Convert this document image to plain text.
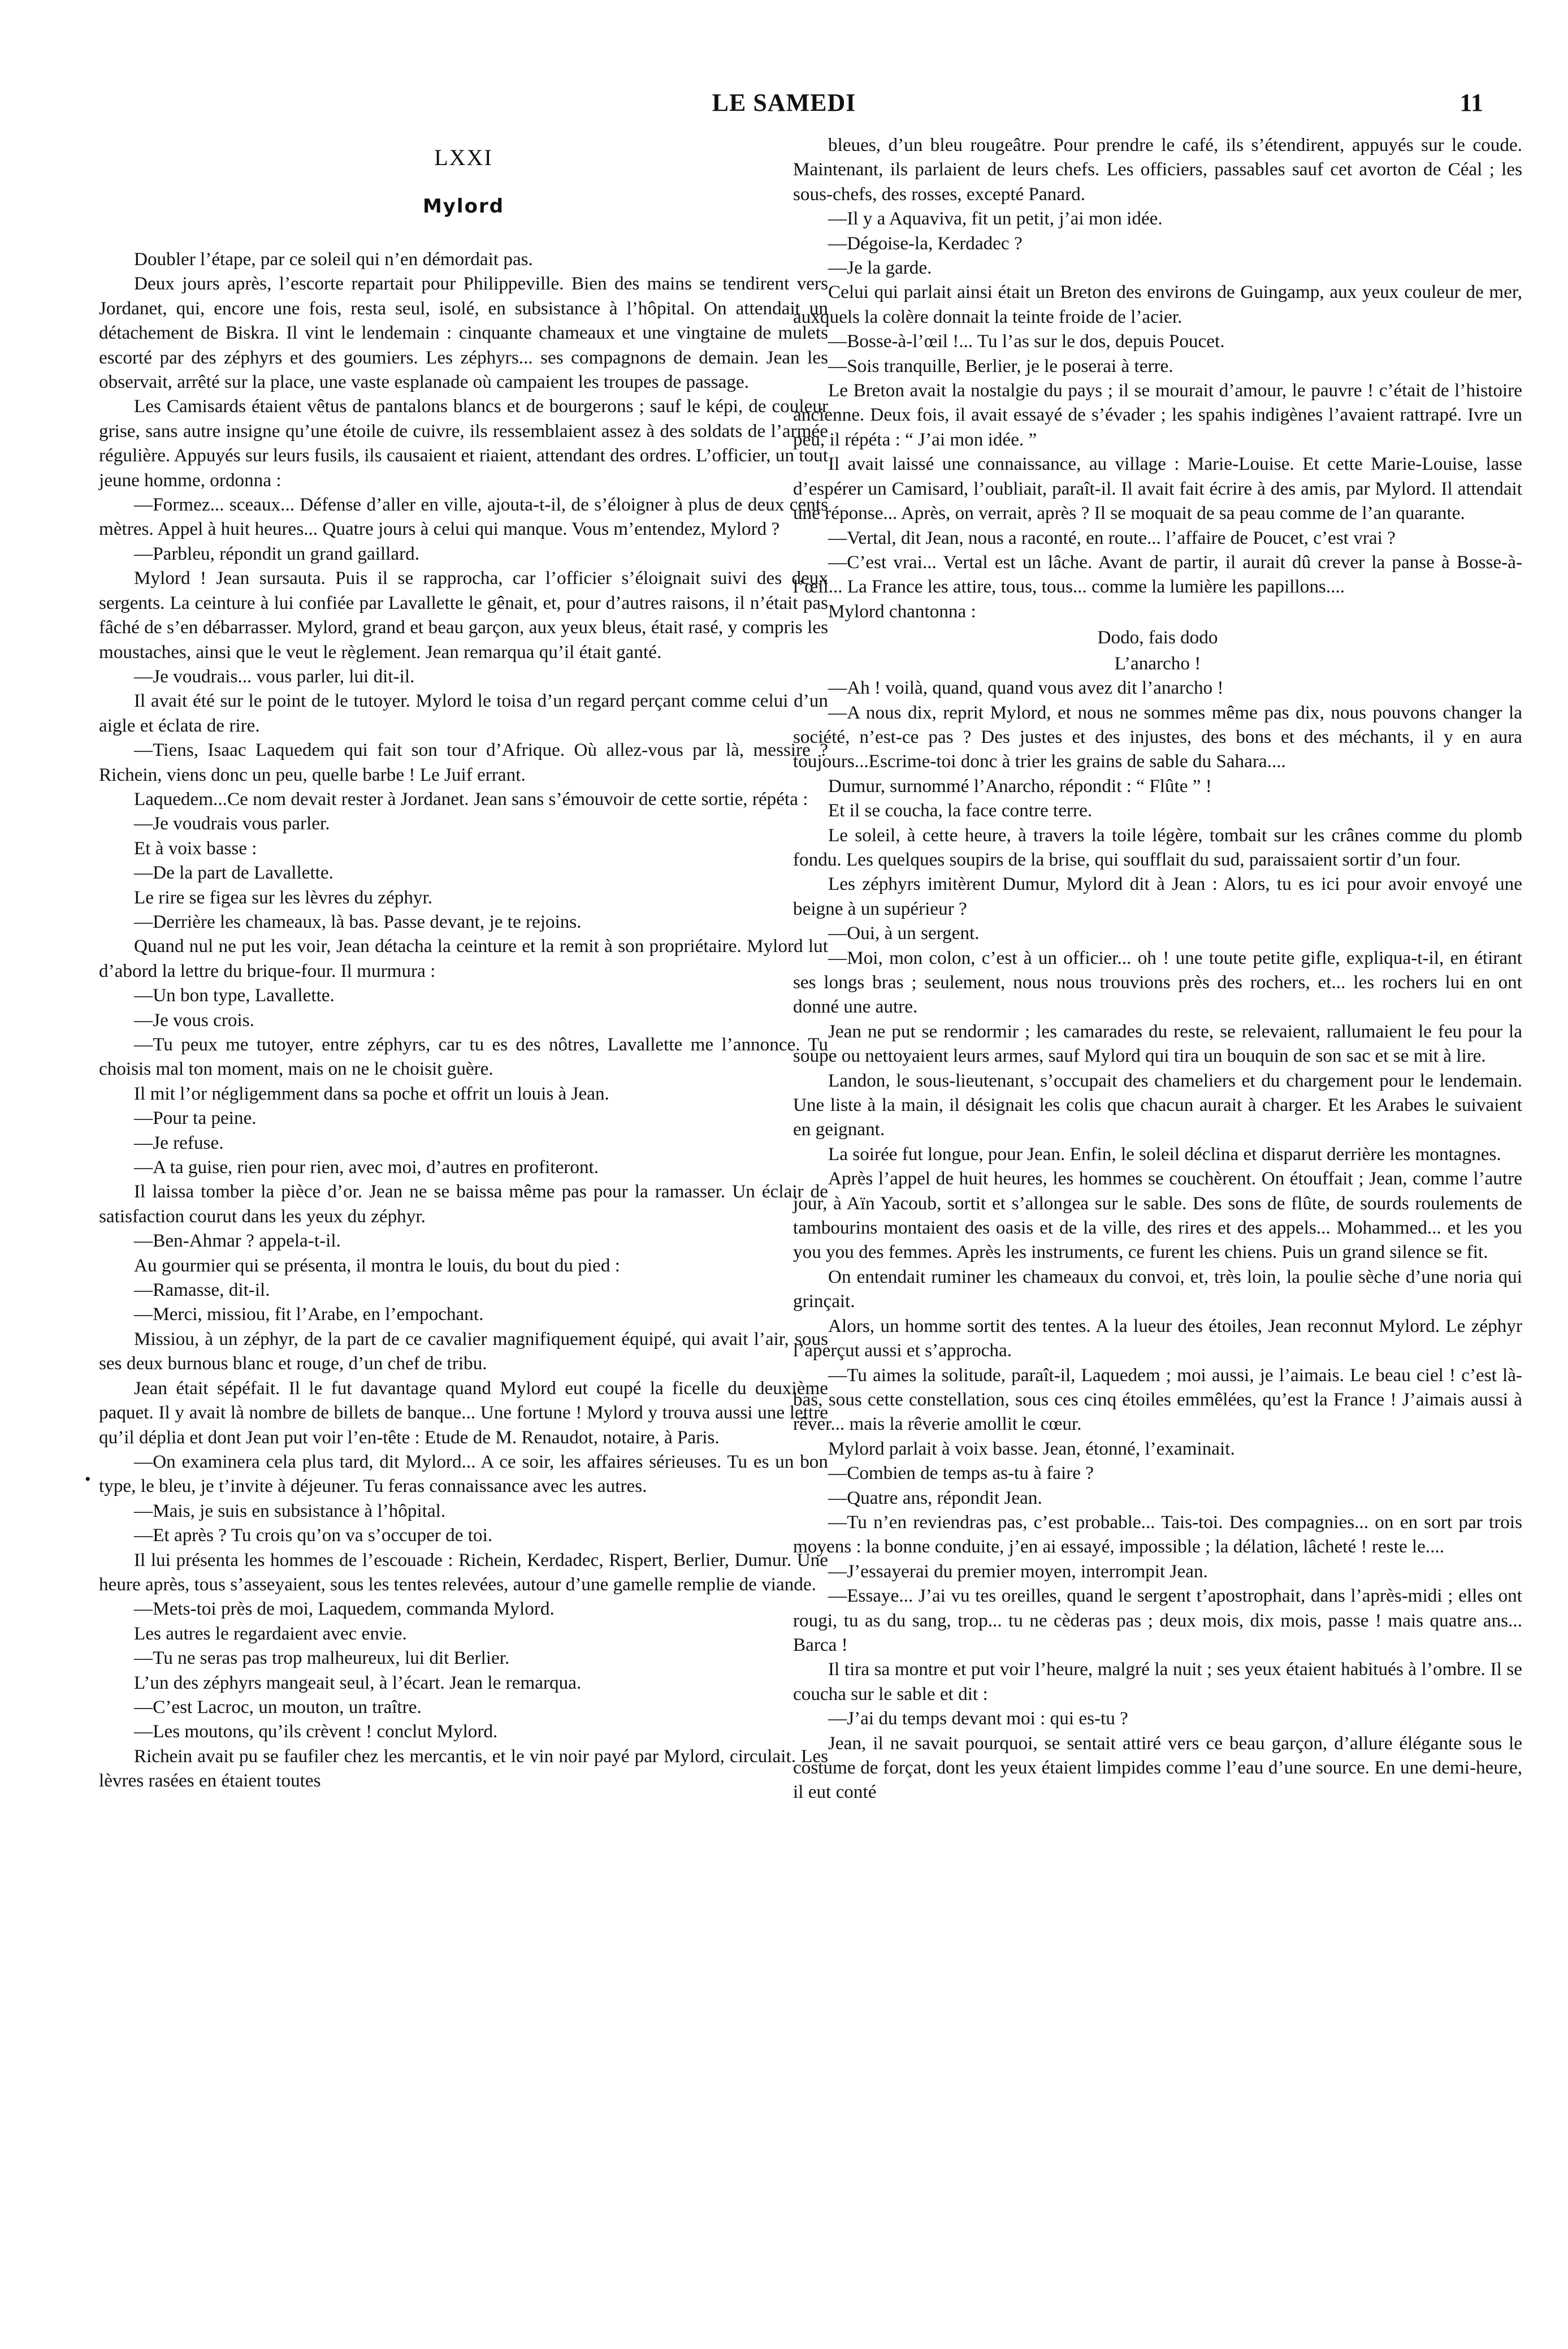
LE SAMEDI	11
LXXI
Mylord

Doubler l’étape, par ce soleil qui n’en démordait pas.

Deux jours après, l’escorte repartait pour Philippeville. Bien des mains se tendirent vers Jordanet, qui, encore une fois, resta seul, isolé, en subsistance à l’hôpital. On attendait un détachement de Biskra. Il vint le lendemain : cinquante chameaux et une vingtaine de mulets escorté par des zéphyrs et des goumiers. Les zéphyrs... ses compagnons de demain. Jean les observait, arrêté sur la place, une vaste esplanade où campaient les troupes de passage.

Les Camisards étaient vêtus de pantalons blancs et de bourgerons ; sauf le képi, de couleur grise, sans autre insigne qu’une étoile de cuivre, ils ressemblaient assez à des soldats de l’armée régulière. Appuyés sur leurs fusils, ils causaient et riaient, attendant des ordres. L’officier, un tout jeune homme, ordonna :

—Formez... sceaux... Défense d’aller en ville, ajouta-t-il, de s’éloigner à plus de deux cents mètres. Appel à huit heures... Quatre jours à celui qui manque. Vous m’entendez, Mylord ?

—Parbleu, répondit un grand gaillard.

Mylord ! Jean sursauta. Puis il se rapprocha, car l’officier s’éloignait suivi des deux sergents. La ceinture à lui confiée par Lavallette le gênait, et, pour d’autres raisons, il n’était pas fâché de s’en débarrasser. Mylord, grand et beau garçon, aux yeux bleus, était rasé, y compris les moustaches, ainsi que le veut le règlement. Jean remarqua qu’il était ganté.

—Je voudrais... vous parler, lui dit-il.

Il avait été sur le point de le tutoyer. Mylord le toisa d’un regard perçant comme celui d’un aigle et éclata de rire.

—Tiens, Isaac Laquedem qui fait son tour d’Afrique. Où allez-vous par là, messire ? Richein, viens donc un peu, quelle barbe ! Le Juif errant.

Laquedem...Ce nom devait rester à Jordanet. Jean sans s’émouvoir de cette sortie, répéta :

—Je voudrais vous parler.

Et à voix basse :

—De la part de Lavallette.

Le rire se figea sur les lèvres du zéphyr.

—Derrière les chameaux, là bas. Passe devant, je te rejoins.

Quand nul ne put les voir, Jean détacha la ceinture et la remit à son propriétaire. Mylord lut d’abord la lettre du brique-four. Il murmura :

—Un bon type, Lavallette.

—Je vous crois.

—Tu peux me tutoyer, entre zéphyrs, car tu es des nôtres, Lavallette me l’annonce. Tu choisis mal ton moment, mais on ne le choisit guère.

Il mit l’or négligemment dans sa poche et offrit un louis à Jean.

—Pour ta peine.

—Je refuse.

—A ta guise, rien pour rien, avec moi, d’autres en profiteront.

Il laissa tomber la pièce d’or. Jean ne se baissa même pas pour la ramasser. Un éclair de satisfaction courut dans les yeux du zéphyr.

—Ben-Ahmar ? appela-t-il.

Au gourmier qui se présenta, il montra le louis, du bout du pied :

—Ramasse, dit-il.

—Merci, missiou, fit l’Arabe, en l’empochant.

Missiou, à un zéphyr, de la part de ce cavalier magnifiquement équipé, qui avait l’air, sous ses deux burnous blanc et rouge, d’un chef de tribu.

Jean était sépéfait. Il le fut davantage quand Mylord eut coupé la ficelle du deuxième paquet. Il y avait là nombre de billets de banque... Une fortune ! Mylord y trouva aussi une lettre qu’il déplia et dont Jean put voir l’en-tête : Etude de M. Renaudot, notaire, à Paris.

—On examinera cela plus tard, dit Mylord... A ce soir, les affaires sérieuses. Tu es un bon type, le bleu, je t’invite à déjeuner. Tu feras connaissance avec les autres.

—Mais, je suis en subsistance à l’hôpital.

—Et après ? Tu crois qu’on va s’occuper de toi.

Il lui présenta les hommes de l’escouade : Richein, Kerdadec, Rispert, Berlier, Dumur. Une heure après, tous s’asseyaient, sous les tentes relevées, autour d’une gamelle remplie de viande.

—Mets-toi près de moi, Laquedem, commanda Mylord.

Les autres le regardaient avec envie.

—Tu ne seras pas trop malheureux, lui dit Berlier.

L’un des zéphyrs mangeait seul, à l’écart. Jean le remarqua.

—C’est Lacroc, un mouton, un traître.

—Les moutons, qu’ils crèvent ! conclut Mylord.

Richein avait pu se faufiler chez les mercantis, et le vin noir payé par Mylord, circulait. Les lèvres rasées en étaient toutes

bleues, d’un bleu rougeâtre. Pour prendre le café, ils s’étendirent, appuyés sur le coude. Maintenant, ils parlaient de leurs chefs. Les officiers, passables sauf cet avorton de Céal ; les sous-chefs, des rosses, excepté Panard.

—Il y a Aquaviva, fit un petit, j’ai mon idée.

—Dégoise-la, Kerdadec ?

—Je la garde.

Celui qui parlait ainsi était un Breton des environs de Guingamp, aux yeux couleur de mer, auxquels la colère donnait la teinte froide de l’acier.

—Bosse-à-l’œil !... Tu l’as sur le dos, depuis Poucet.

—Sois tranquille, Berlier, je le poserai à terre.

Le Breton avait la nostalgie du pays ; il se mourait d’amour, le pauvre ! c’était de l’histoire ancienne. Deux fois, il avait essayé de s’évader ; les spahis indigènes l’avaient rattrapé. Ivre un peu, il répéta : “ J’ai mon idée. ”

Il avait laissé une connaissance, au village : Marie-Louise. Et cette Marie-Louise, lasse d’espérer un Camisard, l’oubliait, paraît-il. Il avait fait écrire à des amis, par Mylord. Il attendait une réponse... Après, on verrait, après ? Il se moquait de sa peau comme de l’an quarante.

—Vertal, dit Jean, nous a raconté, en route... l’affaire de Poucet, c’est vrai ?

—C’est vrai... Vertal est un lâche. Avant de partir, il aurait dû crever la panse à Bosse-à-l’œil... La France les attire, tous, tous... comme la lumière les papillons....

Mylord chantonna :

Dodo, fais dodo
L’anarcho !

—Ah ! voilà, quand, quand vous avez dit l’anarcho !

—A nous dix, reprit Mylord, et nous ne sommes même pas dix, nous pouvons changer la société, n’est-ce pas ? Des justes et des injustes, des bons et des méchants, il y en aura toujours...Escrime-toi donc à trier les grains de sable du Sahara....

Dumur, surnommé l’Anarcho, répondit : “ Flûte ” !

Et il se coucha, la face contre terre.

Le soleil, à cette heure, à travers la toile légère, tombait sur les crânes comme du plomb fondu. Les quelques soupirs de la brise, qui soufflait du sud, paraissaient sortir d’un four.

Les zéphyrs imitèrent Dumur, Mylord dit à Jean : Alors, tu es ici pour avoir envoyé une beigne à un supérieur ?

—Oui, à un sergent.

—Moi, mon colon, c’est à un officier... oh ! une toute petite gifle, expliqua-t-il, en étirant ses longs bras ; seulement, nous nous trouvions près des rochers, et... les rochers lui en ont donné une autre.

Jean ne put se rendormir ; les camarades du reste, se relevaient, rallumaient le feu pour la soupe ou nettoyaient leurs armes, sauf Mylord qui tira un bouquin de son sac et se mit à lire.

Landon, le sous-lieutenant, s’occupait des chameliers et du chargement pour le lendemain. Une liste à la main, il désignait les colis que chacun aurait à charger. Et les Arabes le suivaient en geignant.

La soirée fut longue, pour Jean. Enfin, le soleil déclina et disparut derrière les montagnes.

Après l’appel de huit heures, les hommes se couchèrent. On étouffait ; Jean, comme l’autre jour, à Aïn Yacoub, sortit et s’allongea sur le sable. Des sons de flûte, de sourds roulements de tambourins montaient des oasis et de la ville, des rires et des appels... Mohammed... et les you you you des femmes. Après les instruments, ce furent les chiens. Puis un grand silence se fit.

On entendait ruminer les chameaux du convoi, et, très loin, la poulie sèche d’une noria qui grinçait.

Alors, un homme sortit des tentes. A la lueur des étoiles, Jean reconnut Mylord. Le zéphyr l’aperçut aussi et s’approcha.

—Tu aimes la solitude, paraît-il, Laquedem ; moi aussi, je l’aimais. Le beau ciel ! c’est là-bas, sous cette constellation, sous ces cinq étoiles emmêlées, qu’est la France ! J’aimais aussi à rêver... mais la rêverie amollit le cœur.

Mylord parlait à voix basse. Jean, étonné, l’examinait.

—Combien de temps as-tu à faire ?

—Quatre ans, répondit Jean.

—Tu n’en reviendras pas, c’est probable... Tais-toi. Des compagnies... on en sort par trois moyens : la bonne conduite, j’en ai essayé, impossible ; la délation, lâcheté ! reste le....

—J’essayerai du premier moyen, interrompit Jean.

—Essaye... J’ai vu tes oreilles, quand le sergent t’apostrophait, dans l’après-midi ; elles ont rougi, tu as du sang, trop... tu ne cèderas pas ; deux mois, dix mois, passe ! mais quatre ans... Barca !

Il tira sa montre et put voir l’heure, malgré la nuit ; ses yeux étaient habitués à l’ombre. Il se coucha sur le sable et dit :

—J’ai du temps devant moi : qui es-tu ?

Jean, il ne savait pourquoi, se sentait attiré vers ce beau garçon, d’allure élégante sous le costume de forçat, dont les yeux étaient limpides comme l’eau d’une source. En une demi-heure, il eut conté

•
